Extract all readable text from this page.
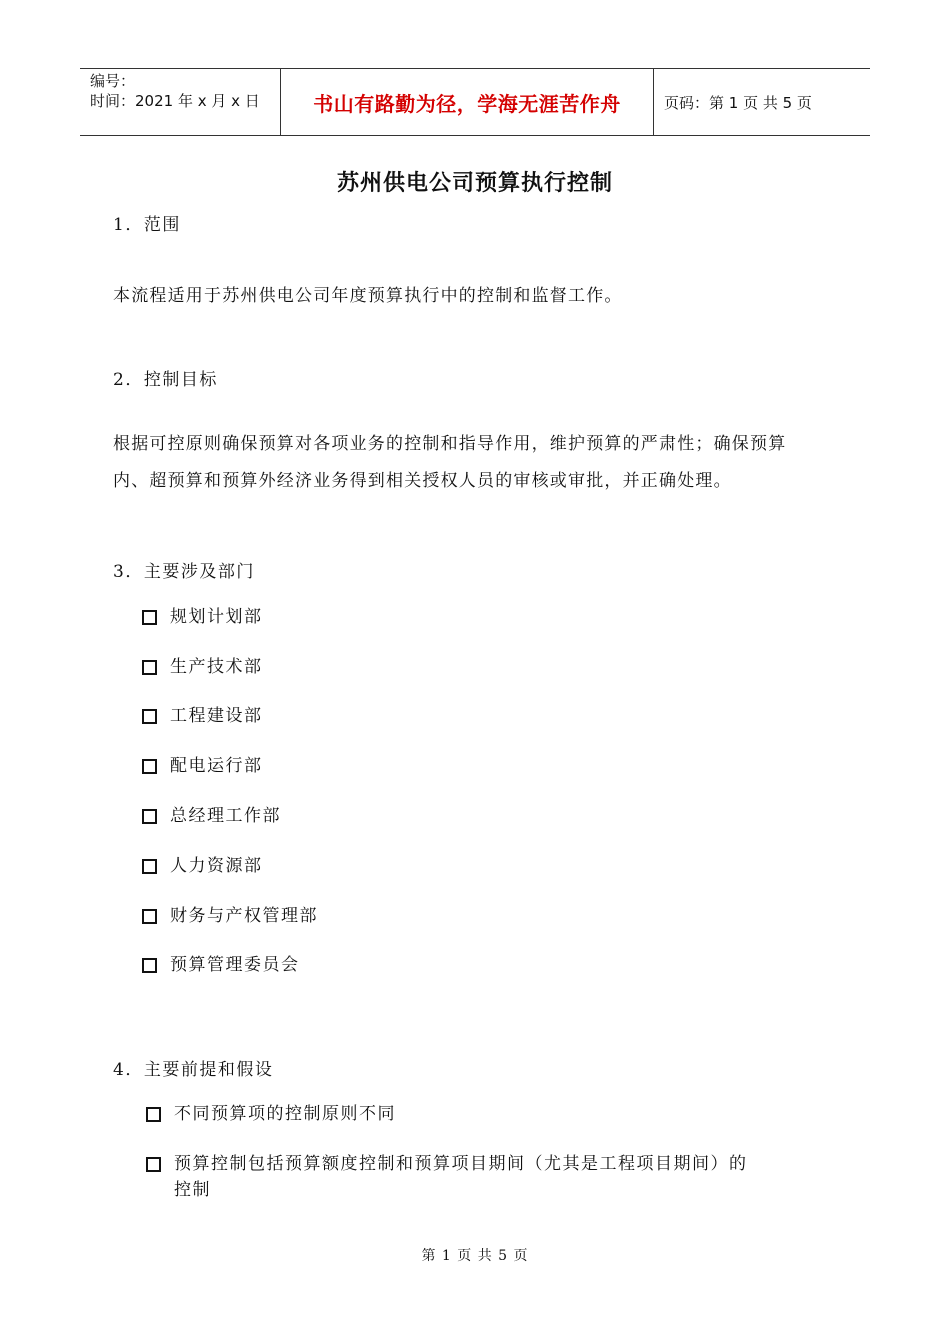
编号：
时间：2021 年 x 月 x 日	书山有路勤为径，学海无涯苦作舟	页码：第 1 页 共 5 页
苏州供电公司预算执行控制
1．范围
本流程适用于苏州供电公司年度预算执行中的控制和监督工作。
2．控制目标
根据可控原则确保预算对各项业务的控制和指导作用，维护预算的严肃性；确保预算
内、超预算和预算外经济业务得到相关授权人员的审核或审批，并正确处理。
3．主要涉及部门
规划计划部
生产技术部
工程建设部
配电运行部
总经理工作部
人力资源部
财务与产权管理部
预算管理委员会
4．主要前提和假设
不同预算项的控制原则不同
预算控制包括预算额度控制和预算项目期间（尤其是工程项目期间）的
控制
第 1 页 共 5 页
